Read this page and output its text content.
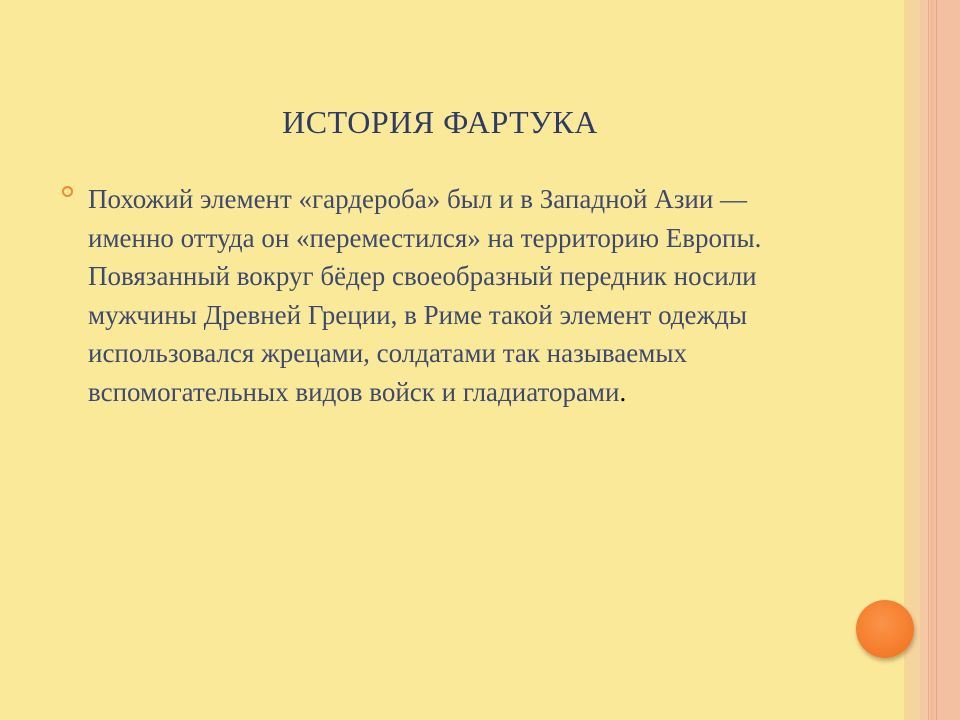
ИСТОРИЯ ФАРТУКА
Похожий элемент «гардероба» был и в Западной Азии — именно оттуда он «переместился» на территорию Европы. Повязанный вокруг бёдер своеобразный передник носили мужчины Древней Греции, в Риме такой элемент одежды использовался жрецами, солдатами так называемых вспомогательных видов войск и гладиаторами.
